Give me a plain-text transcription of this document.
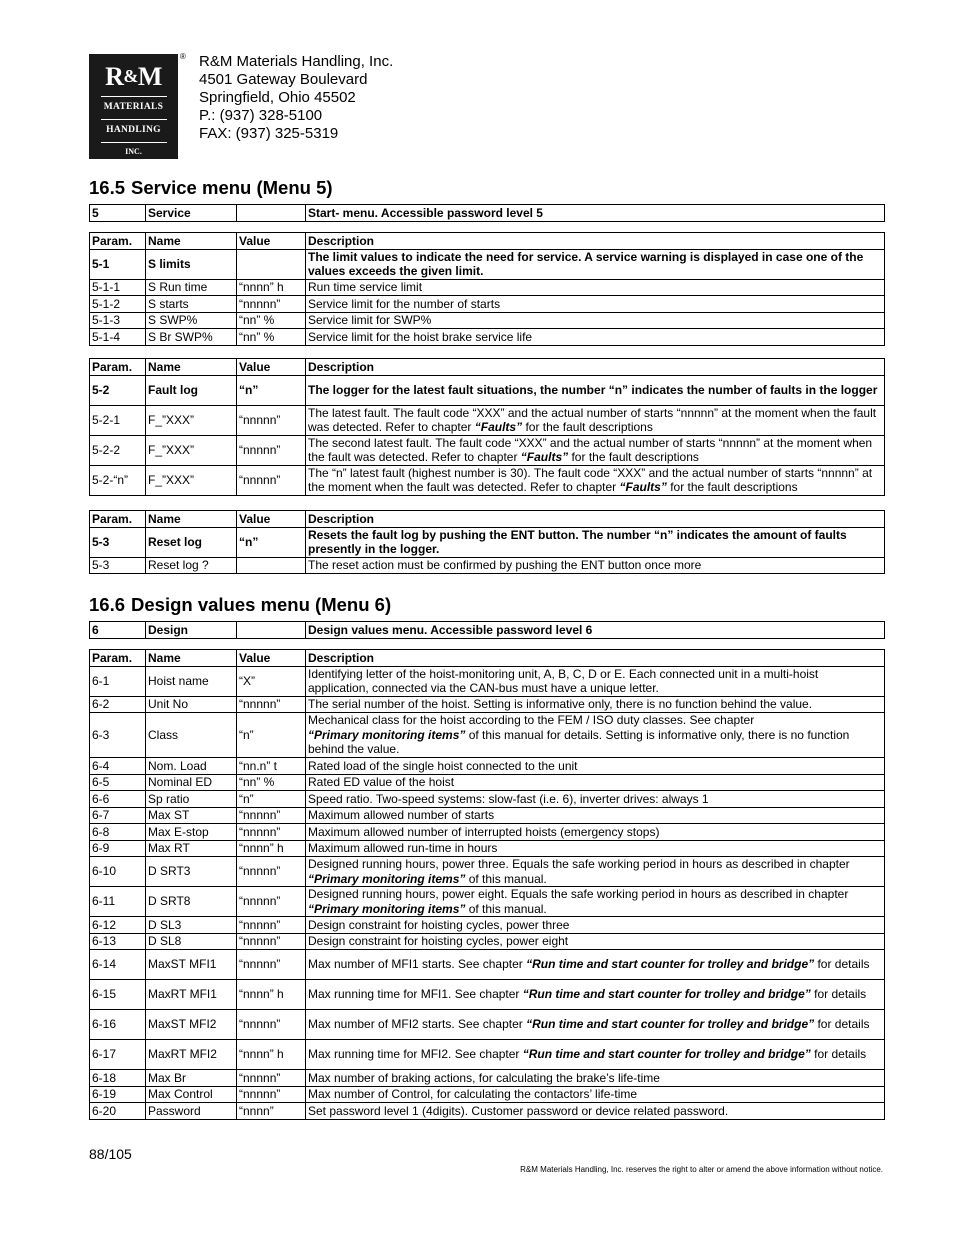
R&M
MATERIALS
HANDLING
INC.
® R&M Materials Handling, Inc.
4501 Gateway Boulevard
Springfield, Ohio 45502
P.: (937) 328-5100
FAX: (937) 325-5319
16.5 Service menu (Menu 5)
5	Service		Start- menu. Accessible password level 5
Param.	Name	Value	Description
5-1	S limits		The limit values to indicate the need for service. A service warning is displayed in case one of the values exceeds the given limit.
5-1-1	S Run time	“nnnn” h	Run time service limit
5-1-2	S starts	“nnnnn”	Service limit for the number of starts
5-1-3	S SWP%	“nn” %	Service limit for SWP%
5-1-4	S Br SWP%	“nn” %	Service limit for the hoist brake service life
Param.	Name	Value	Description
5-2	Fault log	“n”	The logger for the latest fault situations, the number “n” indicates the number of faults in the logger
5-2-1	F_”XXX”	“nnnnn”	The latest fault. The fault code “XXX” and the actual number of starts “nnnnn” at the moment when the fault was detected. Refer to chapter “Faults” for the fault descriptions
5-2-2	F_”XXX”	“nnnnn”	The second latest fault. The fault code “XXX” and the actual number of starts “nnnnn” at the moment when the fault was detected. Refer to chapter “Faults” for the fault descriptions
5-2-“n”	F_”XXX”	“nnnnn”	The “n” latest fault (highest number is 30). The fault code “XXX” and the actual number of starts “nnnnn” at the moment when the fault was detected. Refer to chapter “Faults” for the fault descriptions
Param.	Name	Value	Description
5-3	Reset log	“n”	Resets the fault log by pushing the ENT button. The number “n” indicates the amount of faults presently in the logger.
5-3	Reset log ?		The reset action must be confirmed by pushing the ENT button once more
16.6 Design values menu (Menu 6)
6	Design		Design values menu. Accessible password level 6
Param.	Name	Value	Description
6-1	Hoist name	“X”	Identifying letter of the hoist-monitoring unit, A, B, C, D or E. Each connected unit in a multi-hoist application, connected via the CAN-bus must have a unique letter.
6-2	Unit No	“nnnnn”	The serial number of the hoist. Setting is informative only, there is no function behind the value.
6-3	Class	“n”	Mechanical class for the hoist according to the FEM / ISO duty classes. See chapter
“Primary monitoring items” of this manual for details. Setting is informative only, there is no function behind the value.
6-4	Nom. Load	“nn.n” t	Rated load of the single hoist connected to the unit
6-5	Nominal ED	“nn” %	Rated ED value of the hoist
6-6	Sp ratio	“n”	Speed ratio. Two-speed systems: slow-fast (i.e. 6), inverter drives: always 1
6-7	Max ST	“nnnnn”	Maximum allowed number of starts
6-8	Max E-stop	“nnnnn”	Maximum allowed number of interrupted hoists (emergency stops)
6-9	Max RT	“nnnn” h	Maximum allowed run-time in hours
6-10	D SRT3	“nnnnn”	Designed running hours, power three. Equals the safe working period in hours as described in chapter
“Primary monitoring items” of this manual.
6-11	D SRT8	“nnnnn”	Designed running hours, power eight. Equals the safe working period in hours as described in chapter
“Primary monitoring items” of this manual.
6-12	D SL3	“nnnnn”	Design constraint for hoisting cycles, power three
6-13	D SL8	“nnnnn”	Design constraint for hoisting cycles, power eight
6-14	MaxST MFI1	“nnnnn”	Max number of MFI1 starts. See chapter “Run time and start counter for trolley and bridge” for details
6-15	MaxRT MFI1	“nnnn” h	Max running time for MFI1. See chapter “Run time and start counter for trolley and bridge” for details
6-16	MaxST MFI2	“nnnnn”	Max number of MFI2 starts. See chapter “Run time and start counter for trolley and bridge” for details
6-17	MaxRT MFI2	“nnnn” h	Max running time for MFI2. See chapter “Run time and start counter for trolley and bridge” for details
6-18	Max Br	“nnnnn”	Max number of braking actions, for calculating the brake’s life-time
6-19	Max Control	“nnnnn”	Max number of Control, for calculating the contactors’ life-time
6-20	Password	“nnnn”	Set password level 1 (4digits). Customer password or device related password.
88/105
R&M Materials Handling, Inc. reserves the right to alter or amend the above information without notice.
